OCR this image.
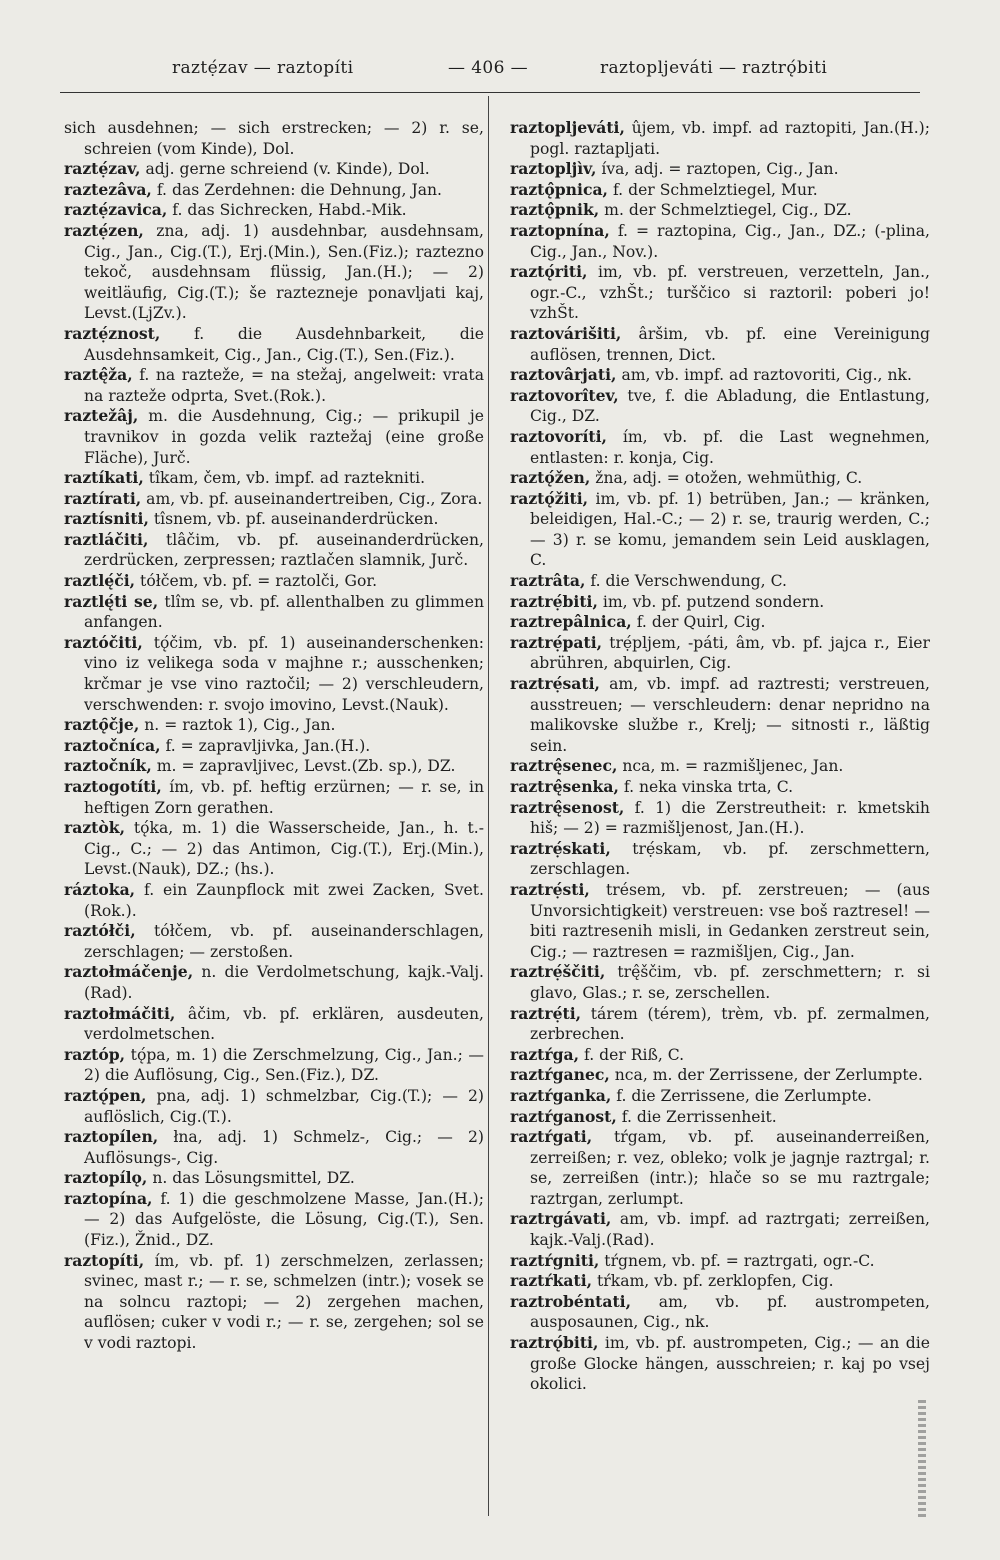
raztẹ́zav — raztopíti	— 406 —	raztopljeváti — raztrǫ́biti

sich ausdehnen; — sich erstrecken; — 2) r. se, schreien (vom Kinde), Dol.

raztẹ́zav, adj. gerne schreiend (v. Kinde), Dol.

raztezâva, f. das Zerdehnen: die Dehnung, Jan.

raztẹ́zavica, f. das Sichrecken, Habd.-Mik.

raztẹ́zen, zna, adj. 1) ausdehnbar, ausdehnsam, Cig., Jan., Cig.(T.), Erj.(Min.), Sen.(Fiz.); raztezno tekoč, ausdehnsam flüssig, Jan.(H.); — 2) weitläufig, Cig.(T.); še raztezneje ponavljati kaj, Levst.(LjZv.).

raztẹ́znost, f. die Ausdehnbarkeit, die Ausdehnsamkeit, Cig., Jan., Cig.(T.), Sen.(Fiz.).

raztę̂ža, f. na razteže, = na stežaj, angelweit: vrata na razteže odprta, Svet.(Rok.).

raztežâj, m. die Ausdehnung, Cig.; — prikupil je travnikov in gozda velik raztežaj (eine große Fläche), Jurč.

raztíkati, tîkam, čem, vb. impf. ad raztekniti.

raztírati, am, vb. pf. auseinandertreiben, Cig., Zora.

raztísniti, tîsnem, vb. pf. auseinanderdrücken.

raztláčiti, tlâčim, vb. pf. auseinanderdrücken, zerdrücken, zerpressen; raztlačen slamnik, Jurč.

raztlę́či, tółčem, vb. pf. = raztolči, Gor.

raztlę́ti se, tlîm se, vb. pf. allenthalben zu glimmen anfangen.

raztóčiti, tǫ́čim, vb. pf. 1) auseinanderschenken: vino iz velikega soda v majhne r.; ausschenken; krčmar je vse vino raztočil; — 2) verschleudern, verschwenden: r. svojo imovino, Levst.(Nauk).

raztǫ̑čje, n. = raztok 1), Cig., Jan.

raztočníca, f. = zapravljivka, Jan.(H.).

raztočník, m. = zapravljivec, Levst.(Zb. sp.), DZ.

raztogotíti, ím, vb. pf. heftig erzürnen; — r. se, in heftigen Zorn gerathen.

raztòk, tǫ́ka, m. 1) die Wasserscheide, Jan., h. t.-Cig., C.; — 2) das Antimon, Cig.(T.), Erj.(Min.), Levst.(Nauk), DZ.; (hs.).

ráztoka, f. ein Zaunpflock mit zwei Zacken, Svet.(Rok.).

raztółči, tółčem, vb. pf. auseinanderschlagen, zerschlagen; — zerstoßen.

raztołmáčenje, n. die Verdolmetschung, kajk.-Valj.(Rad).

raztołmáčiti, âčim, vb. pf. erklären, ausdeuten, verdolmetschen.

raztóp, tǫ́pa, m. 1) die Zerschmelzung, Cig., Jan.; — 2) die Auflösung, Cig., Sen.(Fiz.), DZ.

raztǫ́pen, pna, adj. 1) schmelzbar, Cig.(T.); — 2) auflöslich, Cig.(T.).

raztopílen, łna, adj. 1) Schmelz-, Cig.; — 2) Auflösungs-, Cig.

raztopílǫ, n. das Lösungsmittel, DZ.

raztopína, f. 1) die geschmolzene Masse, Jan.(H.); — 2) das Aufgelöste, die Lösung, Cig.(T.), Sen.(Fiz.), Žnid., DZ.

raztopíti, ím, vb. pf. 1) zerschmelzen, zerlassen; svinec, mast r.; — r. se, schmelzen (intr.); vosek se na solncu raztopi; — 2) zergehen machen, auflösen; cuker v vodi r.; — r. se, zergehen; sol se v vodi raztopi.

raztopljeváti, ûjem, vb. impf. ad raztopiti, Jan.(H.); pogl. raztapljati.

raztopljìv, íva, adj. = raztopen, Cig., Jan.

raztǫ̂pnica, f. der Schmelztiegel, Mur.

raztǫ̂pnik, m. der Schmelztiegel, Cig., DZ.

raztopnína, f. = raztopina, Cig., Jan., DZ.; (-plina, Cig., Jan., Nov.).

raztǫ́riti, im, vb. pf. verstreuen, verzetteln, Jan., ogr.-C., vzhŠt.; turščico si raztoril: poberi jo! vzhŠt.

raztovárišiti, âršim, vb. pf. eine Vereinigung auflösen, trennen, Dict.

raztovârjati, am, vb. impf. ad raztovoriti, Cig., nk.

raztovorîtev, tve, f. die Abladung, die Entlastung, Cig., DZ.

raztovoríti, ím, vb. pf. die Last wegnehmen, entlasten: r. konja, Cig.

raztǫ́žen, žna, adj. = otožen, wehmüthig, C.

raztǫ́žiti, im, vb. pf. 1) betrüben, Jan.; — kränken, beleidigen, Hal.-C.; — 2) r. se, traurig werden, C.; — 3) r. se komu, jemandem sein Leid ausklagen, C.

raztrâta, f. die Verschwendung, C.

raztrẹ́biti, im, vb. pf. putzend sondern.

raztrepâlnica, f. der Quirl, Cig.

raztrẹ́pati, trẹ́pljem, -páti, âm, vb. pf. jajca r., Eier abrühren, abquirlen, Cig.

raztrẹ́sati, am, vb. impf. ad raztresti; verstreuen, ausstreuen; — verschleudern: denar nepridno na malikovske službe r., Krelj; — sitnosti r., läßtig sein.

raztrę̂senec, nca, m. = razmišljenec, Jan.

raztrę̂senka, f. neka vinska trta, C.

raztrę̂senost, f. 1) die Zerstreutheit: r. kmetskih hiš; — 2) = razmišljenost, Jan.(H.).

raztrẹ́skati, trẹ́skam, vb. pf. zerschmettern, zerschlagen.

raztrẹ́sti, trésem, vb. pf. zerstreuen; — (aus Unvorsichtigkeit) verstreuen: vse boš raztresel! — biti raztresenih misli, in Gedanken zerstreut sein, Cig.; — raztresen = razmišljen, Cig., Jan.

raztrẹ́ščiti, trę̂ščim, vb. pf. zerschmettern; r. si glavo, Glas.; r. se, zerschellen.

raztrẹ́ti, tárem (térem), trèm, vb. pf. zermalmen, zerbrechen.

raztŕga, f. der Riß, C.

raztŕganec, nca, m. der Zerrissene, der Zerlumpte.

raztŕganka, f. die Zerrissene, die Zerlumpte.

raztŕganost, f. die Zerrissenheit.

raztŕgati, tŕgam, vb. pf. auseinanderreißen, zerreißen; r. vez, obleko; volk je jagnje raztrgal; r. se, zerreißen (intr.); hlače so se mu raztrgale; raztrgan, zerlumpt.

raztrgávati, am, vb. impf. ad raztrgati; zerreißen, kajk.-Valj.(Rad).

raztŕgniti, tŕgnem, vb. pf. = raztrgati, ogr.-C.

raztŕkati, tŕkam, vb. pf. zerklopfen, Cig.

raztrobéntati, am, vb. pf. austrompeten, ausposaunen, Cig., nk.

raztrǫ́biti, im, vb. pf. austrompeten, Cig.; — an die große Glocke hängen, ausschreien; r. kaj po vsej okolici.
